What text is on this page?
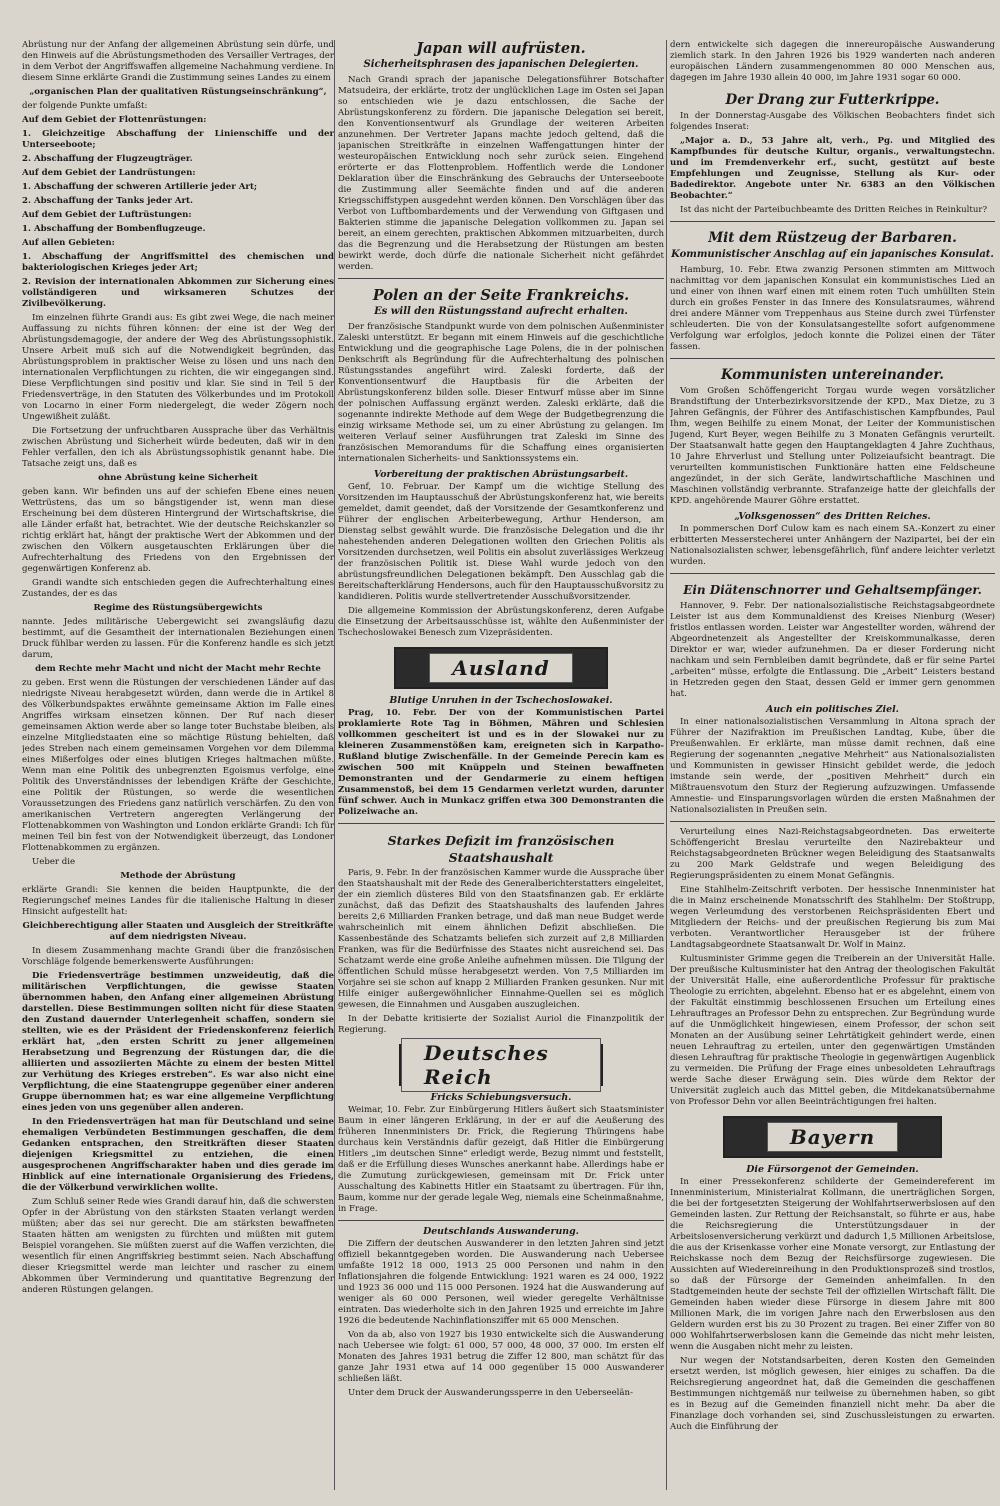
Abrüstung nur der Anfang der allgemeinen Abrüstung sein dürfe, und den Hinweis auf die Abrüstungsmethoden des Versailler Vertrages, der in dem Verbot der Angriffswaffen allgemeine Nachahmung verdiene. In diesem Sinne erklärte Grandi die Zustimmung seines Landes zu einem

„organischen Plan der qualitativen Rüstungseinschränkung“,

der folgende Punkte umfaßt:

Auf dem Gebiet der Flottenrüstungen:

1. Gleichzeitige Abschaffung der Linienschiffe und der Unterseeboote;

2. Abschaffung der Flugzeugträger.

Auf dem Gebiet der Landrüstungen:

1. Abschaffung der schweren Artillerie jeder Art;

2. Abschaffung der Tanks jeder Art.

Auf dem Gebiet der Luftrüstungen:

1. Abschaffung der Bombenflugzeuge.

Auf allen Gebieten:

1. Abschaffung der Angriffsmittel des chemischen und bakteriologischen Krieges jeder Art;

2. Revision der internationalen Abkommen zur Sicherung eines vollständigeren und wirksameren Schutzes der Zivilbevölkerung.

Im einzelnen führte Grandi aus: Es gibt zwei Wege, die nach meiner Auffassung zu nichts führen können: der eine ist der Weg der Abrüstungsdemagogie, der andere der Weg des Abrüstungssophistik. Unsere Arbeit muß sich auf die Notwendigkeit begründen, das Abrüstungsproblem in praktischer Weise zu lösen und uns nach den internationalen Verpflichtungen zu richten, die wir eingegangen sind. Diese Verpflichtungen sind positiv und klar. Sie sind in Teil 5 der Friedensverträge, in den Statuten des Völkerbundes und im Protokoll von Locarno in einer Form niedergelegt, die weder Zögern noch Ungewißheit zuläßt.

Die Fortsetzung der unfruchtbaren Aussprache über das Verhältnis zwischen Abrüstung und Sicherheit würde bedeuten, daß wir in den Fehler verfallen, den ich als Abrüstungssophistik genannt habe. Die Tatsache zeigt uns, daß es

ohne Abrüstung keine Sicherheit

geben kann. Wir befinden uns auf der schiefen Ebene eines neuen Wettrüstens, das um so bängstigender ist, wenn man diese Erscheinung bei dem düsteren Hintergrund der Wirtschaftskrise, die alle Länder erfaßt hat, betrachtet. Wie der deutsche Reichskanzler so richtig erklärt hat, hängt der praktische Wert der Abkommen und der zwischen den Völkern ausgetauschten Erklärungen über die Aufrechterhaltung des Friedens von den Ergebnissen der gegenwärtigen Konferenz ab.

Grandi wandte sich entschieden gegen die Aufrechterhaltung eines Zustandes, der es das

Regime des Rüstungsübergewichts

nannte. Jedes militärische Uebergewicht sei zwangsläufig dazu bestimmt, auf die Gesamtheit der internationalen Beziehungen einen Druck fühlbar werden zu lassen. Für die Konferenz handle es sich jetzt darum,

dem Rechte mehr Macht und nicht der Macht mehr Rechte

zu geben. Erst wenn die Rüstungen der verschiedenen Länder auf das niedrigste Niveau herabgesetzt würden, dann werde die in Artikel 8 des Völkerbundspaktes erwähnte gemeinsame Aktion im Falle eines Angriffes wirksam einsetzen können. Der Ruf nach dieser gemeinsamen Aktion werde aber so lange toter Buchstabe bleiben, als einzelne Mitgliedstaaten eine so mächtige Rüstung behielten, daß jedes Streben nach einem gemeinsamen Vorgehen vor dem Dilemma eines Mißerfolges oder eines blutigen Krieges haltmachen müßte. Wenn man eine Politik des unbegrenzten Egoismus verfolge, eine Politik des Unverständnisses der lebendigen Kräfte der Geschichte, eine Politik der Rüstungen, so werde die wesentlichen Voraussetzungen des Friedens ganz natürlich verschärfen. Zu den von amerikanischen Vertretern angeregten Verlängerung der Flottenabkommen von Washington und London erklärte Grandi: Ich für meinen Teil bin fest von der Notwendigkeit überzeugt, das Londoner Flottenabkommen zu ergänzen.

Ueber die

Methode der Abrüstung

erklärte Grandi: Sie kennen die beiden Hauptpunkte, die der Regierungschef meines Landes für die italienische Haltung in dieser Hinsicht aufgestellt hat:

Gleichberechtigung aller Staaten und Ausgleich der Streitkräfte auf dem niedrigsten Niveau.

In diesem Zusammenhang machte Grandi über die französischen Vorschläge folgende bemerkenswerte Ausführungen:

Die Friedensverträge bestimmen unzweideutig, daß die militärischen Verpflichtungen, die gewisse Staaten übernommen haben, den Anfang einer allgemeinen Abrüstung darstellen. Diese Bestimmungen sollten nicht für diese Staaten den Zustand dauernder Unterlegenheit schaffen, sondern sie stellten, wie es der Präsident der Friedenskonferenz feierlich erklärt hat, „den ersten Schritt zu jener allgemeinen Herabsetzung und Begrenzung der Rüstungen dar, die die alliierten und assoziierten Mächte zu einem der besten Mittel zur Verhütung des Krieges erstreben“. Es war also nicht eine Verpflichtung, die eine Staatengruppe gegenüber einer anderen Gruppe übernommen hat; es war eine allgemeine Verpflichtung eines jeden von uns gegenüber allen anderen.

In den Friedensverträgen hat man für Deutschland und seine ehemaligen Verbündeten Bestimmungen geschaffen, die dem Gedanken entsprachen, den Streitkräften dieser Staaten diejenigen Kriegsmittel zu entziehen, die einen ausgesprochenen Angriffscharakter haben und dies gerade im Hinblick auf eine internationale Organisierung des Friedens, die der Völkerbund verwirklichen wollte.

Zum Schluß seiner Rede wies Grandi darauf hin, daß die schwersten Opfer in der Abrüstung von den stärksten Staaten verlangt werden müßten; aber das sei nur gerecht. Die am stärksten bewaffneten Staaten hätten am wenigsten zu fürchten und müßten mit gutem Beispiel vorangehen. Sie müßten zuerst auf die Waffen verzichten, die wesentlich für einen Angriffskrieg bestimmt seien. Nach Abschaffung dieser Kriegsmittel werde man leichter und rascher zu einem Abkommen über Verminderung und quantitative Begrenzung der anderen Rüstungen gelangen.

Japan will aufrüsten.
Sicherheitsphrasen des japanischen Delegierten.

Nach Grandi sprach der japanische Delegationsführer Botschafter Matsudeira, der erklärte, trotz der unglücklichen Lage im Osten sei Japan so entschieden wie je dazu entschlossen, die Sache der Abrüstungskonferenz zu fördern. Die japanische Delegation sei bereit, den Konventionsentwurf als Grundlage der weiteren Arbeiten anzunehmen. Der Vertreter Japans machte jedoch geltend, daß die japanischen Streitkräfte in einzelnen Waffengattungen hinter der westeuropäischen Entwicklung noch sehr zurück seien. Eingehend erörterte er das Flottenproblem. Hoffentlich werde die Londoner Deklaration über die Einschränkung des Gebrauchs der Unterseeboote die Zustimmung aller Seemächte finden und auf die anderen Kriegsschiffstypen ausgedehnt werden können. Den Vorschlägen über das Verbot von Luftbombardements und der Verwendung von Giftgasen und Bakterien stimme die japanische Delegation vollkommen zu. Japan sei bereit, an einem gerechten, praktischen Abkommen mitzuarbeiten, durch das die Begrenzung und die Herabsetzung der Rüstungen am besten bewirkt werde, doch dürfe die nationale Sicherheit nicht gefährdet werden.

Polen an der Seite Frankreichs.
Es will den Rüstungsstand aufrecht erhalten.

Der französische Standpunkt wurde von dem polnischen Außenminister Zaleski unterstützt. Er begann mit einem Hinweis auf die geschichtliche Entwicklung und die geographische Lage Polens, die in der polnischen Denkschrift als Begründung für die Aufrechterhaltung des polnischen Rüstungsstandes angeführt wird. Zaleski forderte, daß der Konventionsentwurf die Hauptbasis für die Arbeiten der Abrüstungskonferenz bilden solle. Dieser Entwurf müsse aber im Sinne der polnischen Auffassung ergänzt werden. Zaleski erklärte, daß die sogenannte indirekte Methode auf dem Wege der Budgetbegrenzung die einzig wirksame Methode sei, um zu einer Abrüstung zu gelangen. Im weiteren Verlauf seiner Ausführungen trat Zaleski im Sinne des französischen Memorandums für die Schaffung eines organisierten internationalen Sicherheits- und Sanktionssystems ein.

Vorbereitung der praktischen Abrüstungsarbeit.

Genf, 10. Februar. Der Kampf um die wichtige Stellung des Vorsitzenden im Hauptausschuß der Abrüstungskonferenz hat, wie bereits gemeldet, damit geendet, daß der Vorsitzende der Gesamtkonferenz und Führer der englischen Arbeiterbewegung, Arthur Henderson, am Dienstag selbst gewählt wurde. Die französische Delegation und die ihr nahestehenden anderen Delegationen wollten den Griechen Politis als Vorsitzenden durchsetzen, weil Politis ein absolut zuverlässiges Werkzeug der französischen Politik ist. Diese Wahl wurde jedoch von den abrüstungsfreundlichen Delegationen bekämpft. Den Ausschlag gab die Bereitschafterklärung Hendersons, auch für den Hauptausschußvorsitz zu kandidieren. Politis wurde stellvertretender Ausschußvorsitzender.

Die allgemeine Kommission der Abrüstungskonferenz, deren Aufgabe die Einsetzung der Arbeitsausschüsse ist, wählte den Außenminister der Tschechoslowakei Benesch zum Vizepräsidenten.

Ausland
Blutige Unruhen in der Tschechoslowakei.

Prag, 10. Febr. Der von der Kommunistischen Partei proklamierte Rote Tag in Böhmen, Mähren und Schlesien vollkommen gescheitert ist und es in der Slowakei nur zu kleineren Zusammenstößen kam, ereigneten sich in Karpatho-Rußland blutige Zwischenfälle. In der Gemeinde Perecin kam es zwischen 500 mit Knüppeln und Steinen bewaffneten Demonstranten und der Gendarmerie zu einem heftigen Zusammenstoß, bei dem 15 Gendarmen verletzt wurden, darunter fünf schwer. Auch in Munkacz griffen etwa 300 Demonstranten die Polizeiwache an.

Starkes Defizit im französischen Staatshaushalt

Paris, 9. Febr. In der französischen Kammer wurde die Aussprache über den Staatshaushalt mit der Rede des Generalberichterstatters eingeleitet, der ein ziemlich düsteres Bild von den Staatsfinanzen gab. Er erklärte zunächst, daß das Defizit des Staatshaushalts des laufenden Jahres bereits 2,6 Milliarden Franken betrage, und daß man neue Budget werde wahrscheinlich mit einem ähnlichen Defizit abschließen. Die Kassenbestände des Schatzamts beliefen sich zurzeit auf 2,8 Milliarden Franken, was für die Bedürfnisse des Staates nicht ausreichend sei. Das Schatzamt werde eine große Anleihe aufnehmen müssen. Die Tilgung der öffentlichen Schuld müsse herabgesetzt werden. Von 7,5 Milliarden im Vorjahre sei sie schon auf knapp 2 Milliarden Franken gesunken. Nur mit Hilfe einiger außergewöhnlicher Einnahme-Quellen sei es möglich gewesen, die Einnahmen und Ausgaben auszugleichen.

In der Debatte kritisierte der Sozialist Auriol die Finanzpolitik der Regierung.

Deutsches Reich
Fricks Schiebungsversuch.

Weimar, 10. Febr. Zur Einbürgerung Hitlers äußert sich Staatsminister Baum in einer längeren Erklärung, in der er auf die Aeußerung des früheren Innenministers Dr. Frick, die Regierung Thüringens habe durchaus kein Verständnis dafür gezeigt, daß Hitler die Einbürgerung Hitlers „im deutschen Sinne“ erledigt werde, Bezug nimmt und feststellt, daß er die Erfüllung dieses Wunsches anerkannt habe. Allerdings habe er die Zumutung zurückgewiesen, gemeinsam mit Dr. Frick unter Ausschaltung des Kabinetts Hitler ein Staatsamt zu übertragen. Für ihn, Baum, komme nur der gerade legale Weg, niemals eine Scheinmaßnahme, in Frage.

Deutschlands Auswanderung.

Die Ziffern der deutschen Auswanderer in den letzten Jahren sind jetzt offiziell bekanntgegeben worden. Die Auswanderung nach Uebersee umfaßte 1912 18 000, 1913 25 000 Personen und nahm in den Inflationsjahren die folgende Entwicklung: 1921 waren es 24 000, 1922 und 1923 36 000 und 115 000 Personen. 1924 hat die Auswanderung auf weniger als 60 000 Personen, weil wieder geregelte Verhältnisse eintraten. Das wiederholte sich in den Jahren 1925 und erreichte im Jahre 1926 die bedeutende Nachinflationsziffer mit 65 000 Menschen.

Von da ab, also von 1927 bis 1930 entwickelte sich die Auswanderung nach Uebersee wie folgt: 61 000, 57 000, 48 000, 37 000. Im ersten elf Monaten des Jahres 1931 betrug die Ziffer 12 800, man schätzt für das ganze Jahr 1931 etwa auf 14 000 gegenüber 15 000 Auswanderer schließen läßt.

Unter dem Druck der Auswanderungssperre in den Ueberseelän-

dern entwickelte sich dagegen die innereuropäische Auswanderung ziemlich stark. In den Jahren 1926 bis 1929 wanderten nach anderen europäischen Ländern zusammengenommen 80 000 Menschen aus, dagegen im Jahre 1930 allein 40 000, im Jahre 1931 sogar 60 000.

Der Drang zur Futterkrippe.

In der Donnerstag-Ausgabe des Völkischen Beobachters findet sich folgendes Inserat:

„Major a. D., 53 Jahre alt, verh., Pg. und Mitglied des Kampfbundes für deutsche Kultur, organis., verwaltungstechn. und im Fremdenverkehr erf., sucht, gestützt auf beste Empfehlungen und Zeugnisse, Stellung als Kur- oder Badedirektor. Angebote unter Nr. 6383 an den Völkischen Beobachter.“

Ist das nicht der Parteibuchbeamte des Dritten Reiches in Reinkultur?

Mit dem Rüstzeug der Barbaren.
Kommunistischer Anschlag auf ein japanisches Konsulat.

Hamburg, 10. Febr. Etwa zwanzig Personen stimmten am Mittwoch nachmittag vor dem japanischen Konsulat ein kommunistisches Lied an und einer von ihnen warf einen mit einem roten Tuch umhüllten Stein durch ein großes Fenster in das Innere des Konsulatsraumes, während drei andere Männer vom Treppenhaus aus Steine durch zwei Türfenster schleuderten. Die von der Konsulatsangestellte sofort aufgenommene Verfolgung war erfolglos, jedoch konnte die Polizei einen der Täter fassen.

Kommunisten untereinander.

Vom Großen Schöffengericht Torgau wurde wegen vorsätzlicher Brandstiftung der Unterbezirksvorsitzende der KPD., Max Dietze, zu 3 Jahren Gefängnis, der Führer des Antifaschistischen Kampfbundes, Paul Ihm, wegen Beihilfe zu einem Monat, der Leiter der Kommunistischen Jugend, Kurt Beyer, wegen Beihilfe zu 3 Monaten Gefängnis verurteilt. Der Staatsanwalt hatte gegen den Hauptangeklagten 4 Jahre Zuchthaus, 10 Jahre Ehrverlust und Stellung unter Polizeiaufsicht beantragt. Die verurteilten kommunistischen Funktionäre hatten eine Feldscheune angezündet, in der sich Geräte, landwirtschaftliche Maschinen und Maschinen vollständig verbrannte. Strafanzeige hatte der gleichfalls der KPD. angehörende Maurer Göhre erstattet.

„Volksgenossen“ des Dritten Reiches.

In pommerschen Dorf Culow kam es nach einem SA.-Konzert zu einer erbitterten Messerstecherei unter Anhängern der Nazipartei, bei der ein Nationalsozialisten schwer, lebensgefährlich, fünf andere leichter verletzt wurden.

Ein Diätenschnorrer und Gehaltsempfänger.

Hannover, 9. Febr. Der nationalsozialistische Reichstagsabgeordnete Leister ist aus dem Kommunaldienst des Kreises Nienburg (Weser) fristlos entlassen worden. Leister war Angestellter worden, während der Abgeordnetenzeit als Angestellter der Kreiskommunalkasse, deren Direktor er war, wieder aufzunehmen. Da er dieser Forderung nicht nachkam und sein Fernbleiben damit begründete, daß er für seine Partei „arbeiten“ müsse, erfolgte die Entlassung. Die „Arbeit“ Leisters bestand in Hetzreden gegen den Staat, dessen Geld er immer gern genommen hat.

Auch ein politisches Ziel.

In einer nationalsozialistischen Versammlung in Altona sprach der Führer der Nazifraktion im Preußischen Landtag, Kube, über die Preußenwahlen. Er erklärte, man müsse damit rechnen, daß eine Regierung der sogenannten „negative Mehrheit“ aus Nationalsozialisten und Kommunisten in gewisser Hinsicht gebildet werde, die jedoch imstande sein werde, der „positiven Mehrheit“ durch ein Mißtrauensvotum den Sturz der Regierung aufzuzwingen. Umfassende Amnestie- und Einsparungsvorlagen würden die ersten Maßnahmen der Nationalsozialisten in Preußen sein.

Verurteilung eines Nazi-Reichstagsabgeordneten. Das erweiterte Schöffengericht Breslau verurteilte den Nazirebakteur und Reichstagsabgeordneten Brückner wegen Beleidigung des Staatsanwalts zu 200 Mark Geldstrafe und wegen Beleidigung des Regierungspräsidenten zu einem Monat Gefängnis.

Eine Stahlhelm-Zeitschrift verboten. Der hessische Innenminister hat die in Mainz erscheinende Monatsschrift des Stahlhelm: Der Stoßtrupp, wegen Verleumdung des verstorbenen Reichspräsidenten Ebert und Mitgliedern der Reichs- und der preußischen Regierung bis zum Mai verboten. Verantwortlicher Herausgeber ist der frühere Landtagsabgeordnete Staatsanwalt Dr. Wolf in Mainz.

Kultusminister Grimme gegen die Treiberein an der Universität Halle. Der preußische Kultusminister hat den Antrag der theologischen Fakultät der Universität Halle, eine außerordentliche Professur für praktische Theologie zu errichten, abgelehnt. Ebenso hat er es abgelehnt, einem von der Fakultät einstimmig beschlossenen Ersuchen um Erteilung eines Lehrauftrages an Professor Dehn zu entsprechen. Zur Begründung wurde auf die Unmöglichkeit hingewiesen, einem Professor, der schon seit Monaten an der Ausübung seiner Lehrtätigkeit gehindert werde, einen neuen Lehrauftrag zu erteilen, unter den gegenwärtigen Umständen diesen Lehrauftrag für praktische Theologie in gegenwärtigen Augenblick zu vermeiden. Die Prüfung der Frage eines unbesoldeten Lehrauftrags werde Sache dieser Erwägung sein. Dies würde dem Rektor der Universität zugleich auch das Mittel geben, die Mitdekanatsübernahme von Professor Dehn vor allen Beeinträchtigungen frei halten.

Bayern
Die Fürsorgenot der Gemeinden.

In einer Pressekonferenz schilderte der Gemeindereferent im Innenministerium, Ministerialrat Kollmann, die unerträglichen Sorgen, die bei der fortgesetzten Steigerung der Wohlfahrtserwerbslosen auf den Gemeinden lasten. Zur Rettung der Reichsanstalt, so führte er aus, habe die Reichsregierung die Unterstützungsdauer in der Arbeitslosenversicherung verkürzt und dadurch 1,5 Millionen Arbeitslose, die aus der Krisenkasse vorher eine Monate versorgt, zur Entlastung der Reichskasse noch dem Bezug der Reichsfürsorge zugewiesen. Die Aussichten auf Wiedereinreihung in den Produktionsprozeß sind trostlos, so daß der Fürsorge der Gemeinden anheimfallen. In den Stadtgemeinden heute der sechste Teil der offiziellen Wirtschaft fällt. Die Gemeinden haben wieder diese Fürsorge in diesem Jahre mit 800 Millionen Mark, die im vorigen Jahre nach den Erwerbslosen aus den Geldern wurden erst bis zu 30 Prozent zu tragen. Bei einer Ziffer von 80 000 Wohlfahrtserwerbslosen kann die Gemeinde das nicht mehr leisten, wenn die Ausgaben nicht mehr zu leisten.

Nur wegen der Notstandsarbeiten, deren Kosten den Gemeinden ersetzt werden, ist möglich gewesen, hier einiges zu schaffen. Da die Reichsregierung angeordnet hat, daß die Gemeinden die geschaffenen Bestimmungen nichtgemäß nur teilweise zu übernehmen haben, so gibt es in Bezug auf die Gemeinden finanziell nicht mehr. Da aber die Finanzlage doch vorhanden sei, sind Zuschussleistungen zu erwarten. Auch die Einführung der
